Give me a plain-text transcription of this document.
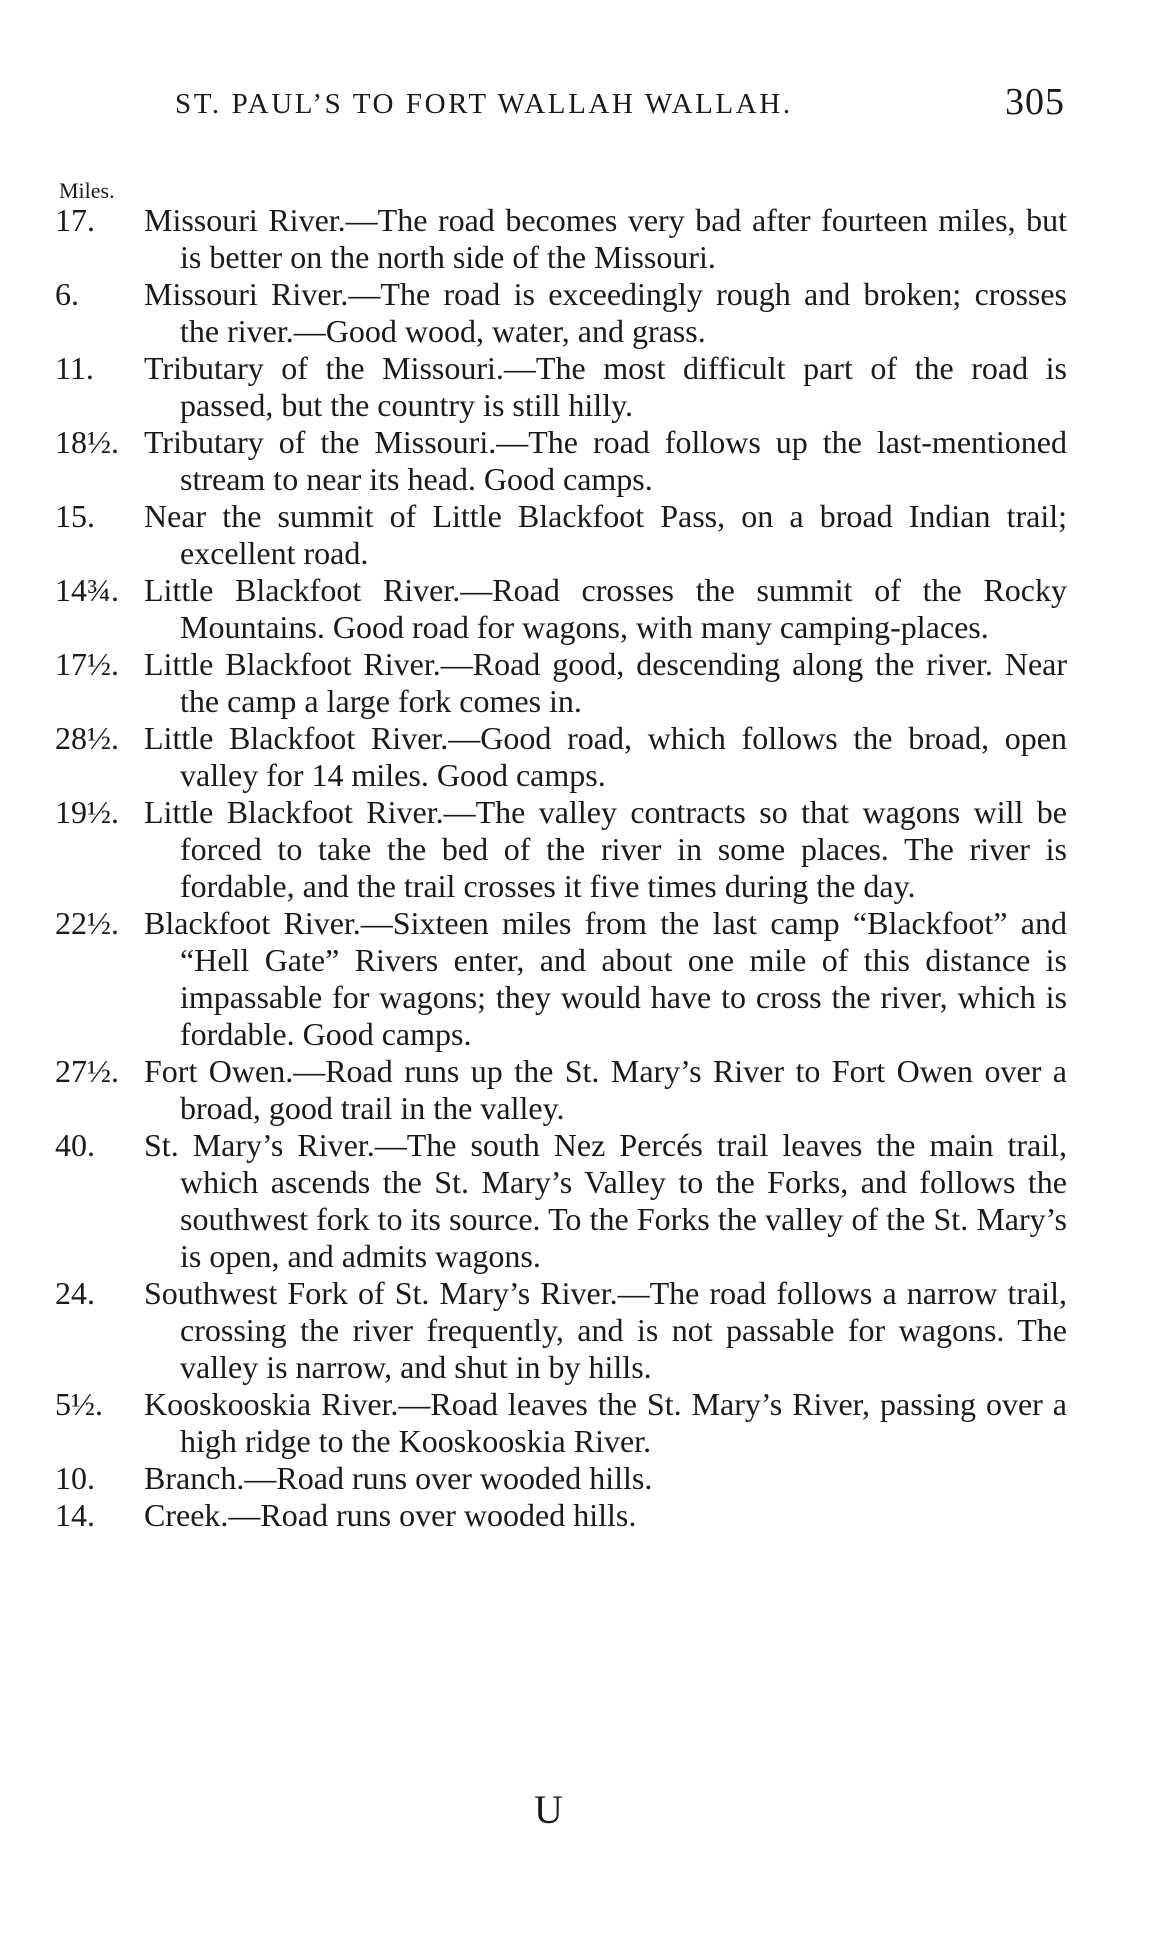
ST. PAUL’S TO FORT WALLAH WALLAH.	305
Miles.

17.	Missouri River.—The road becomes very bad after fourteen miles, but is better on the north side of the Missouri.

6.	Missouri River.—The road is exceedingly rough and broken; crosses the river.—Good wood, water, and grass.

11.	Tributary of the Missouri.—The most difficult part of the road is passed, but the country is still hilly.

18½. Tributary of the Missouri.—The road follows up the last-mentioned stream to near its head. Good camps.

15.	Near the summit of Little Blackfoot Pass, on a broad Indian trail; excellent road.

14¾. Little Blackfoot River.—Road crosses the summit of the Rocky Mountains. Good road for wagons, with many camping-places.

17½. Little Blackfoot River.—Road good, descending along the river. Near the camp a large fork comes in.

28½. Little Blackfoot River.—Good road, which follows the broad, open valley for 14 miles. Good camps.

19½. Little Blackfoot River.—The valley contracts so that wagons will be forced to take the bed of the river in some places. The river is fordable, and the trail crosses it five times during the day.

22½. Blackfoot River.—Sixteen miles from the last camp “Blackfoot” and “Hell Gate” Rivers enter, and about one mile of this distance is impassable for wagons; they would have to cross the river, which is fordable. Good camps.

27½. Fort Owen.—Road runs up the St. Mary’s River to Fort Owen over a broad, good trail in the valley.

40.	St. Mary’s River.—The south Nez Percés trail leaves the main trail, which ascends the St. Mary’s Valley to the Forks, and follows the southwest fork to its source. To the Forks the valley of the St. Mary’s is open, and admits wagons.

24.	Southwest Fork of St. Mary’s River.—The road follows a narrow trail, crossing the river frequently, and is not passable for wagons. The valley is narrow, and shut in by hills.

5½.	Kooskooskia River.—Road leaves the St. Mary’s River, passing over a high ridge to the Kooskooskia River.

10.	Branch.—Road runs over wooded hills.

14.	Creek.—Road runs over wooded hills.

U
